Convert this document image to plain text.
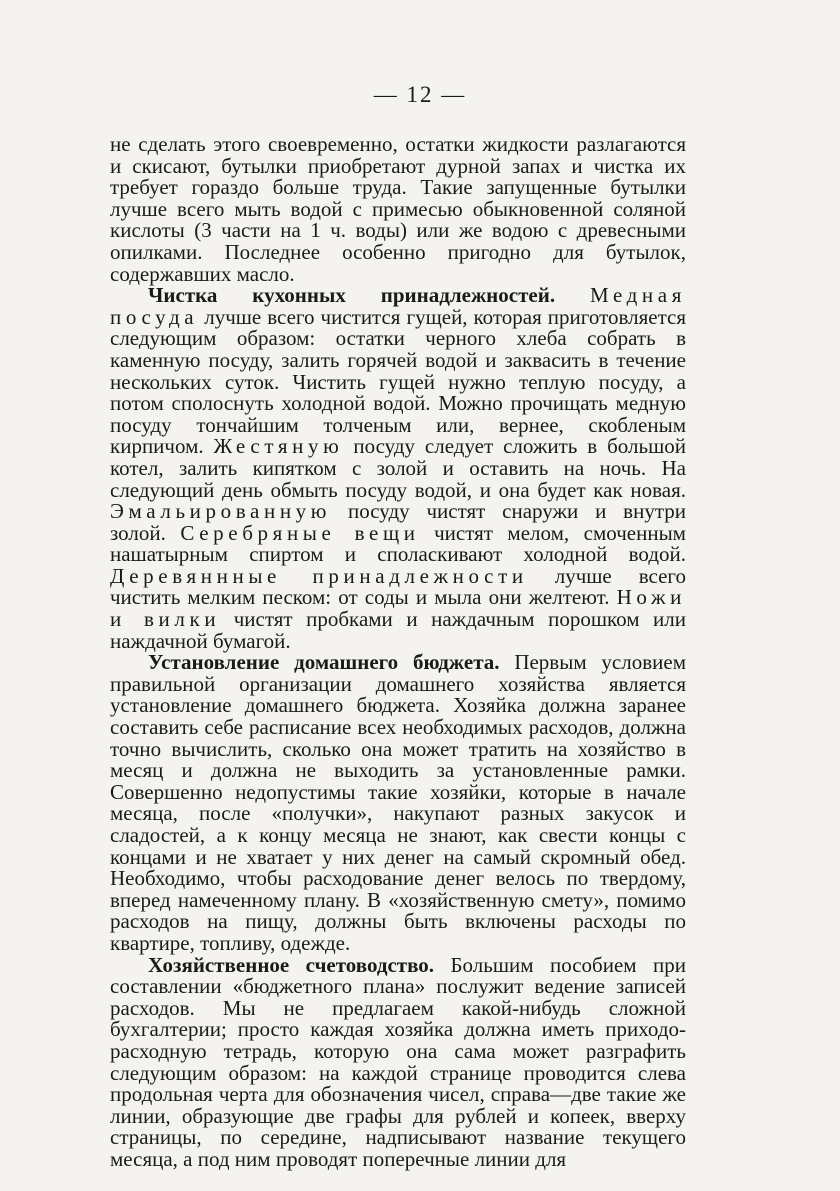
— 12 —

не сделать этого своевременно, остатки жидкости разлагаются и скисают, бутылки приобретают дурной запах и чистка их требует гораздо больше труда. Такие запущенные бутылки лучше всего мыть водой с примесью обыкновенной соляной кислоты (3 части на 1 ч. воды) или же водою с древесными опилками. Последнее особенно пригодно для бутылок, содержавших масло.

Чистка кухонных принадлежностей. Медная посуда лучше всего чистится гущей, которая приготовляется следующим образом: остатки черного хлеба собрать в каменную посуду, залить горячей водой и заквасить в течение нескольких суток. Чистить гущей нужно теплую посуду, а потом сполоснуть холодной водой. Можно прочищать медную посуду тончайшим толченым или, вернее, скобленым кирпичом. Жестяную посуду следует сложить в большой котел, залить кипятком с золой и оставить на ночь. На следующий день обмыть посуду водой, и она будет как новая. Эмальированную посуду чистят снаружи и внутри золой. Серебряные вещи чистят мелом, смоченным нашатырным спиртом и споласкивают холодной водой. Деревяннные принадлежности лучше всего чистить мелким песком: от соды и мыла они желтеют. Ножи и вилки чистят пробками и наждачным порошком или наждачной бумагой.

Установление домашнего бюджета. Первым условием правильной организации домашнего хозяйства является установление домашнего бюджета. Хозяйка должна заранее составить себе расписание всех необходимых расходов, должна точно вычислить, сколько она может тратить на хозяйство в месяц и должна не выходить за установленные рамки. Совершенно недопустимы такие хозяйки, которые в начале месяца, после «получки», накупают разных закусок и сладостей, а к концу месяца не знают, как свести концы с концами и не хватает у них денег на самый скромный обед. Необходимо, чтобы расходование денег велось по твердому, вперед намеченному плану. В «хозяйственную смету», помимо расходов на пищу, должны быть включены расходы по квартире, топливу, одежде.

Хозяйственное счетоводство. Большим пособием при составлении «бюджетного плана» послужит ведение записей расходов. Мы не предлагаем какой-нибудь сложной бухгалтерии; просто каждая хозяйка должна иметь приходо-расходную тетрадь, которую она сама может разграфить следующим образом: на каждой странице проводится слева продольная черта для обозначения чисел, справа—две такие же линии, образующие две графы для рублей и копеек, вверху страницы, по середине, надписывают название текущего месяца, а под ним проводят поперечные линии для
